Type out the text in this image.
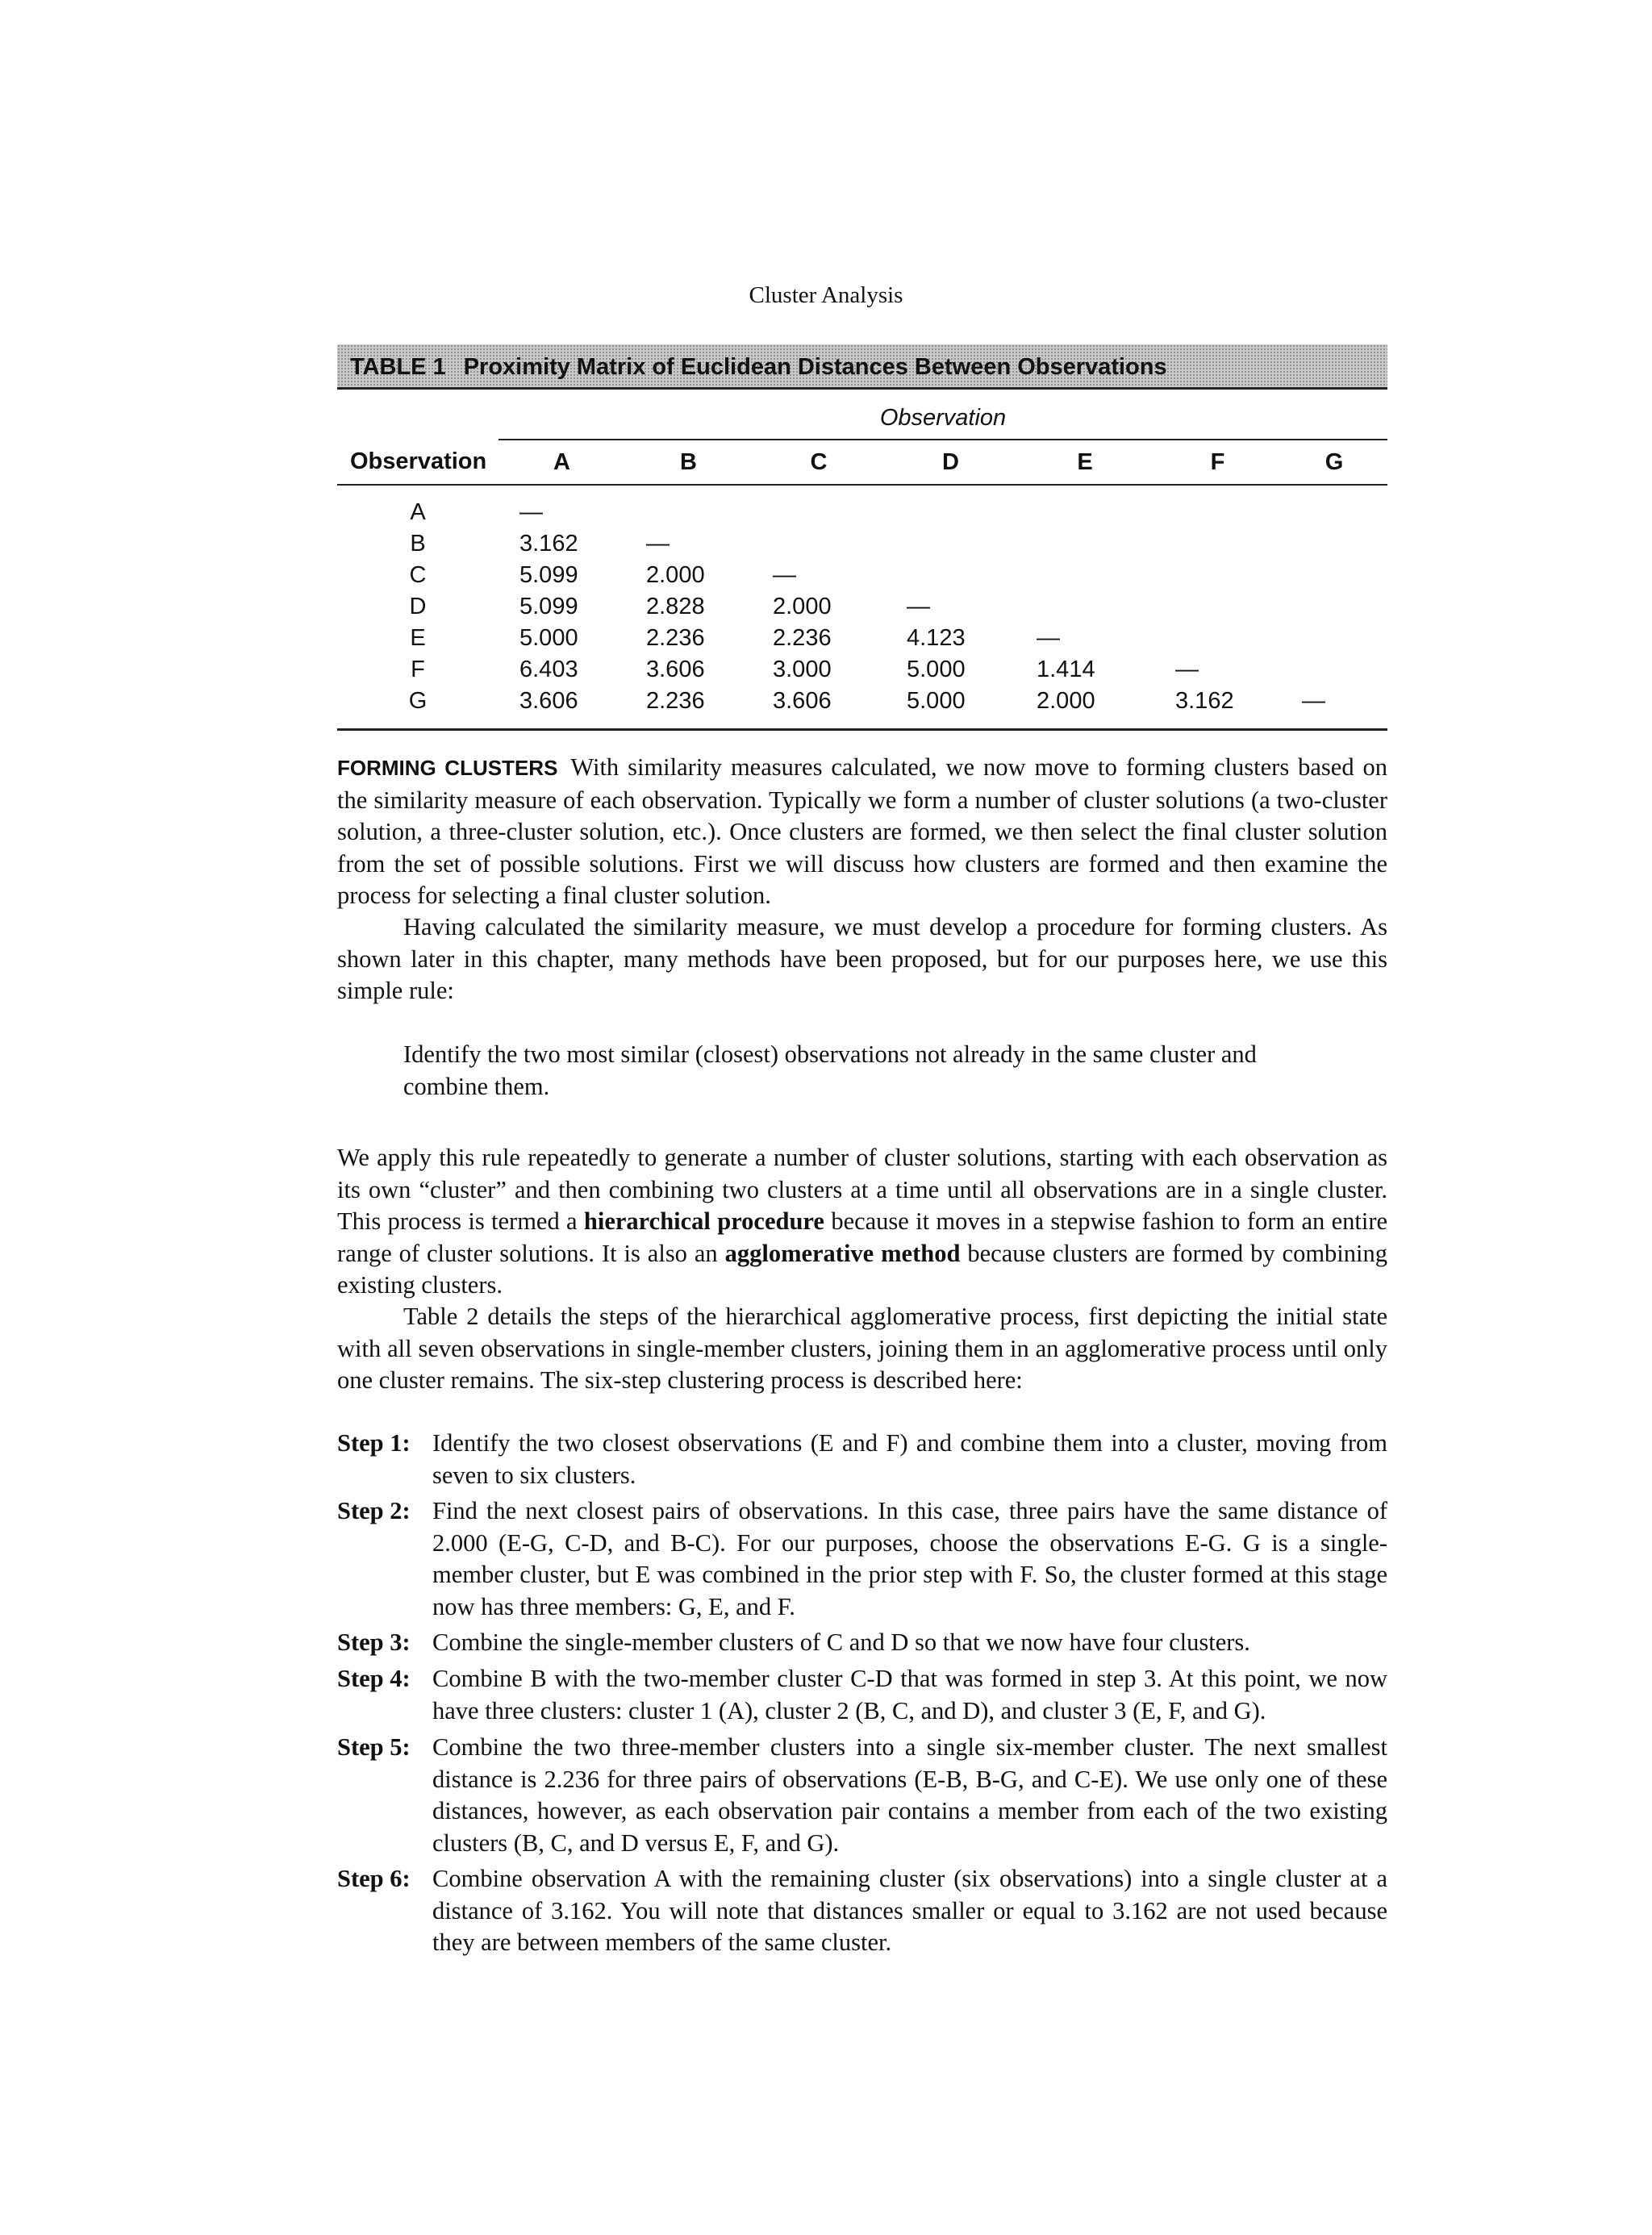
Cluster Analysis
TABLE 1 Proximity Matrix of Euclidean Distances Between Observations
	Observation						
Observation	A	B	C	D	E	F	G
A	—						
B	3.162	—					
C	5.099	2.000	—				
D	5.099	2.828	2.000	—			
E	5.000	2.236	2.236	4.123	—		
F	6.403	3.606	3.000	5.000	1.414	—	
G	3.606	2.236	3.606	5.000	2.000	3.162	—

FORMING CLUSTERS With similarity measures calculated, we now move to forming clusters based on the similarity measure of each observation. Typically we form a number of cluster solutions (a two-cluster solution, a three-cluster solution, etc.). Once clusters are formed, we then select the final cluster solution from the set of possible solutions. First we will discuss how clusters are formed and then examine the process for selecting a final cluster solution.

Having calculated the similarity measure, we must develop a procedure for forming clusters. As shown later in this chapter, many methods have been proposed, but for our purposes here, we use this simple rule:

Identify the two most similar (closest) observations not already in the same cluster and combine them.

We apply this rule repeatedly to generate a number of cluster solutions, starting with each observation as its own “cluster” and then combining two clusters at a time until all observations are in a single cluster. This process is termed a hierarchical procedure because it moves in a stepwise fashion to form an entire range of cluster solutions. It is also an agglomerative method because clusters are formed by combining existing clusters.

Table 2 details the steps of the hierarchical agglomerative process, first depicting the initial state with all seven observations in single-member clusters, joining them in an agglomerative process until only one cluster remains. The six-step clustering process is described here:

Step 1: Identify the two closest observations (E and F) and combine them into a cluster, moving from seven to six clusters.
Step 2: Find the next closest pairs of observations. In this case, three pairs have the same distance of 2.000 (E-G, C-D, and B-C). For our purposes, choose the observations E-G. G is a single-member cluster, but E was combined in the prior step with F. So, the cluster formed at this stage now has three members: G, E, and F.
Step 3: Combine the single-member clusters of C and D so that we now have four clusters.
Step 4: Combine B with the two-member cluster C-D that was formed in step 3. At this point, we now have three clusters: cluster 1 (A), cluster 2 (B, C, and D), and cluster 3 (E, F, and G).
Step 5: Combine the two three-member clusters into a single six-member cluster. The next smallest distance is 2.236 for three pairs of observations (E-B, B-G, and C-E). We use only one of these distances, however, as each observation pair contains a member from each of the two existing clusters (B, C, and D versus E, F, and G).
Step 6: Combine observation A with the remaining cluster (six observations) into a single cluster at a distance of 3.162. You will note that distances smaller or equal to 3.162 are not used because they are between members of the same cluster.
